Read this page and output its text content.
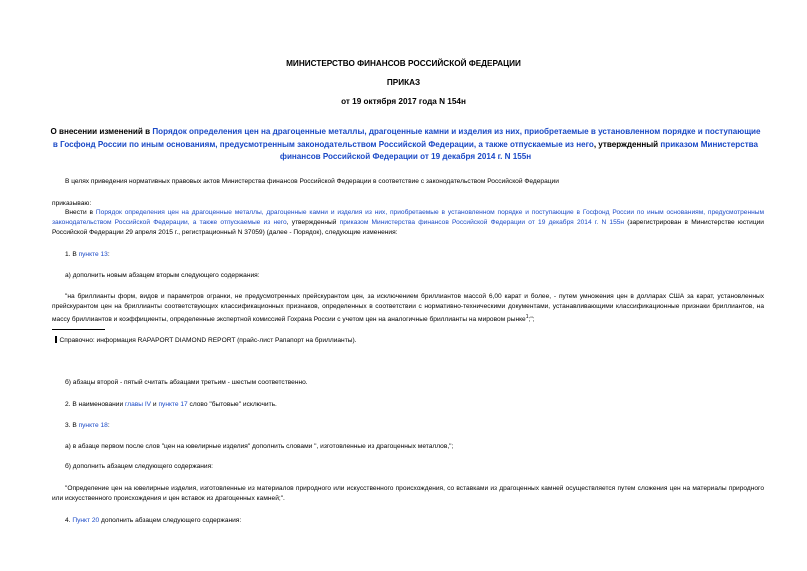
МИНИСТЕРСТВО ФИНАНСОВ РОССИЙСКОЙ ФЕДЕРАЦИИ
ПРИКАЗ
от 19 октября 2017 года N 154н
О внесении изменений в Порядок определения цен на драгоценные металлы, драгоценные камни и изделия из них, приобретаемые в установленном порядке и поступающие в Госфонд России по иным основаниям, предусмотренным законодательством Российской Федерации, а также отпускаемые из него, утвержденный приказом Министерства финансов Российской Федерации от 19 декабря 2014 г. N 155н
В целях приведения нормативных правовых актов Министерства финансов Российской Федерации в соответствие с законодательством Российской Федерации
приказываю:
Внести в Порядок определения цен на драгоценные металлы, драгоценные камни и изделия из них, приобретаемые в установленном порядке и поступающие в Госфонд России по иным основаниям, предусмотренным законодательством Российской Федерации, а также отпускаемые из него, утвержденный приказом Министерства финансов Российской Федерации от 19 декабря 2014 г. N 155н (зарегистрирован в Министерстве юстиции Российской Федерации 29 апреля 2015 г., регистрационный N 37059) (далее - Порядок), следующие изменения:
1. В пункте 13:
а) дополнить новым абзацем вторым следующего содержания:
"на бриллианты форм, видов и параметров огранки, не предусмотренных прейскурантом цен, за исключением бриллиантов массой 6,00 карат и более, - путем умножения цен в долларах США за карат, установленных прейскурантом цен на бриллианты соответствующих классификационных признаков, определенных в соответствии с нормативно-техническими документами, устанавливающими классификационные признаки бриллиантов, на массу бриллиантов и коэффициенты, определенные экспертной комиссией Гохрана России с учетом цен на аналогичные бриллианты на мировом рынке$^1$;";
Справочно: информация RAPAPORT DIAMOND REPORT (прайс-лист Рапапорт на бриллианты).
б) абзацы второй - пятый считать абзацами третьим - шестым соответственно.
2. В наименовании главы IV и пункте 17 слово "бытовые" исключить.
3. В пункте 18:
а) в абзаце первом после слов "цен на ювелирные изделия" дополнить словами ", изготовленные из драгоценных металлов,";
б) дополнить абзацем следующего содержания:
"Определение цен на ювелирные изделия, изготовленные из материалов природного или искусственного происхождения, со вставками из драгоценных камней осуществляется путем сложения цен на материалы природного или искусственного происхождения и цен вставок из драгоценных камней;".
4. Пункт 20 дополнить абзацем следующего содержания:
